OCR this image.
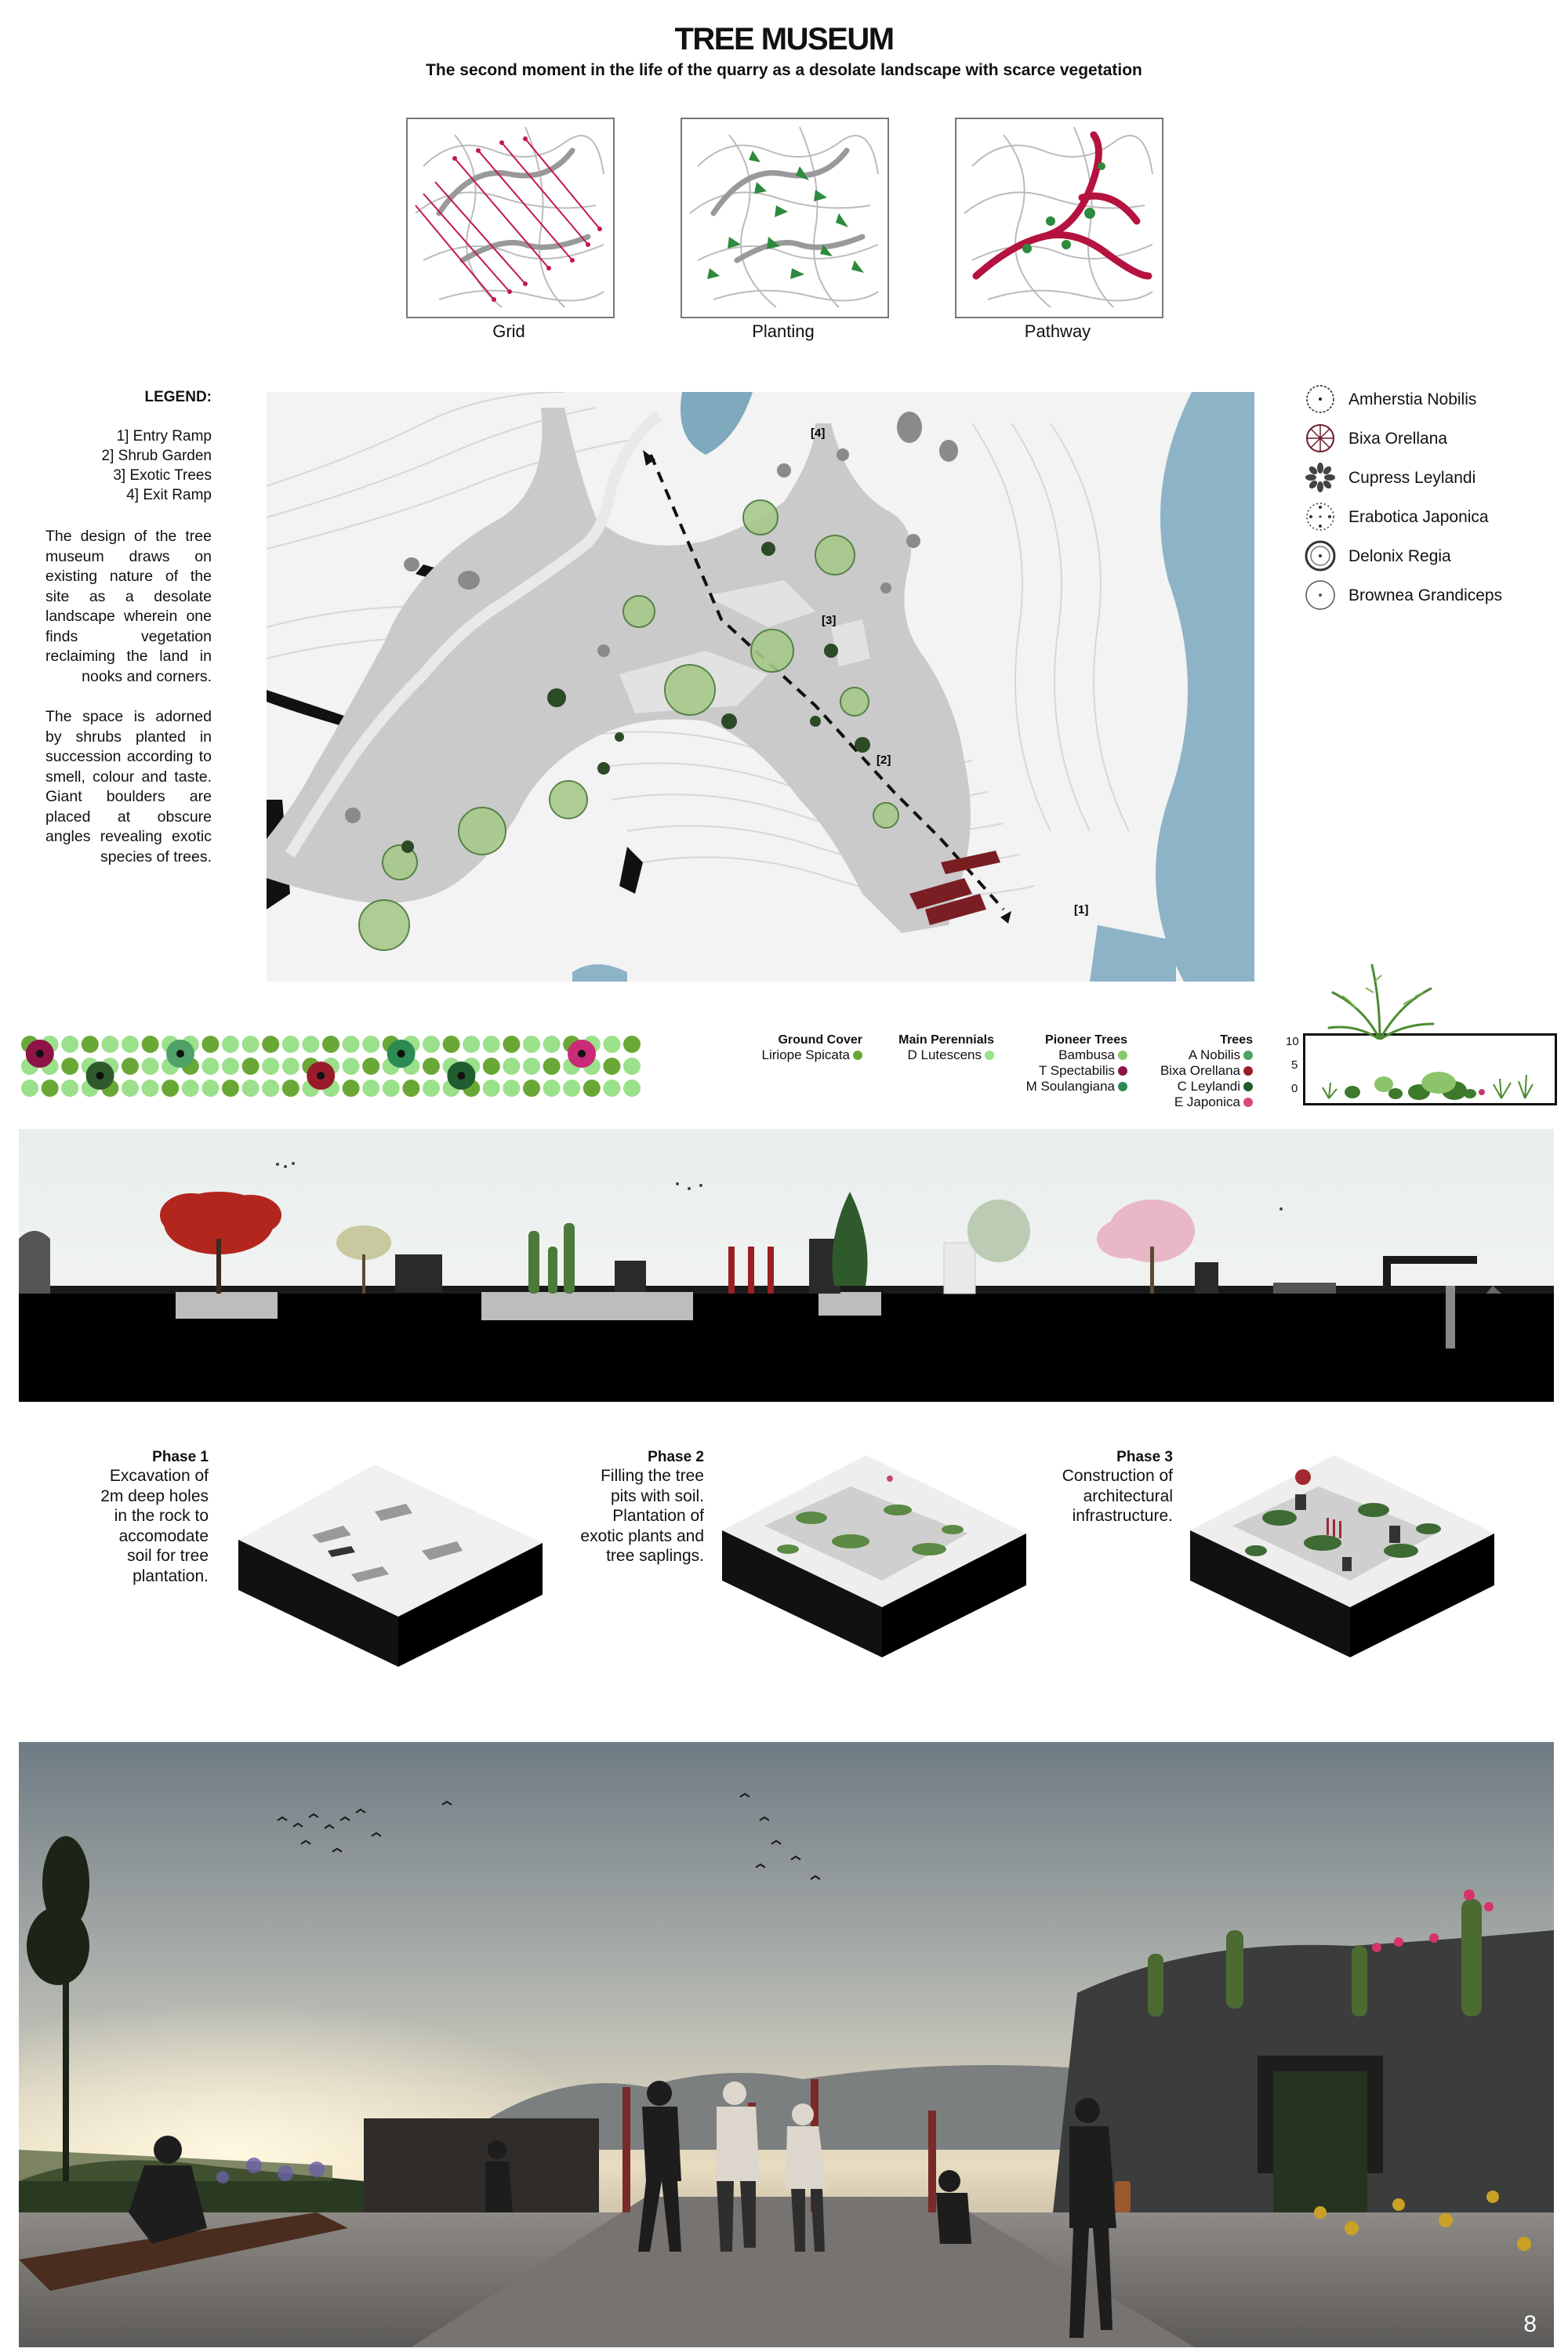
TREE MUSEUM
The second moment in the life of the quarry as a desolate landscape with scarce vegetation
Grid	Planting	Pathway
LEGEND:
1] Entry Ramp
2] Shrub Garden
3] Exotic Trees
4] Exit Ramp
The design of the tree museum draws on existing nature of the site as a desolate landscape wherein one finds vegetation reclaiming the land in nooks and corners.
The space is adorned by shrubs planted in succession according to smell, colour and taste. Giant boulders are placed at obscure angles revealing exotic species of trees.
[4]
[3]
[2]
[1]
Amherstia Nobilis
Bixa Orellana
Cupress Leylandi
Erabotica Japonica
Delonix Regia
Brownea Grandiceps
Ground Cover
Liriope Spicata
Main Perennials
D Lutescens
Pioneer Trees
Bambusa
T Spectabilis
M Soulangiana
Trees
A Nobilis
Bixa Orellana
C Leylandi
E Japonica
10
5
0
Phase 1
Excavation of
2m deep holes
in the rock to
accomodate
soil for tree
plantation.
Phase 2
Filling the tree
pits with soil.
Plantation of
exotic plants and
tree saplings.
Phase 3
Construction of
architectural
infrastructure.
8
